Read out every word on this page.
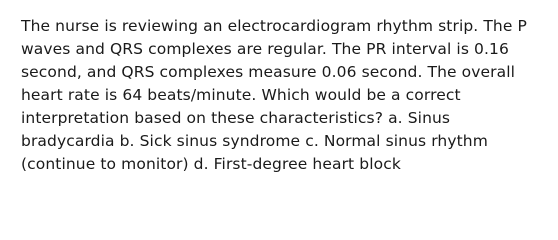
The nurse is reviewing an electrocardiogram rhythm strip. The P waves and QRS complexes are regular. The PR interval is 0.16 second, and QRS complexes measure 0.06 second. The overall heart rate is 64 beats/minute. Which would be a correct interpretation based on these characteristics? a. Sinus bradycardia b. Sick sinus syndrome c. Normal sinus rhythm (continue to monitor) d. First-degree heart block
